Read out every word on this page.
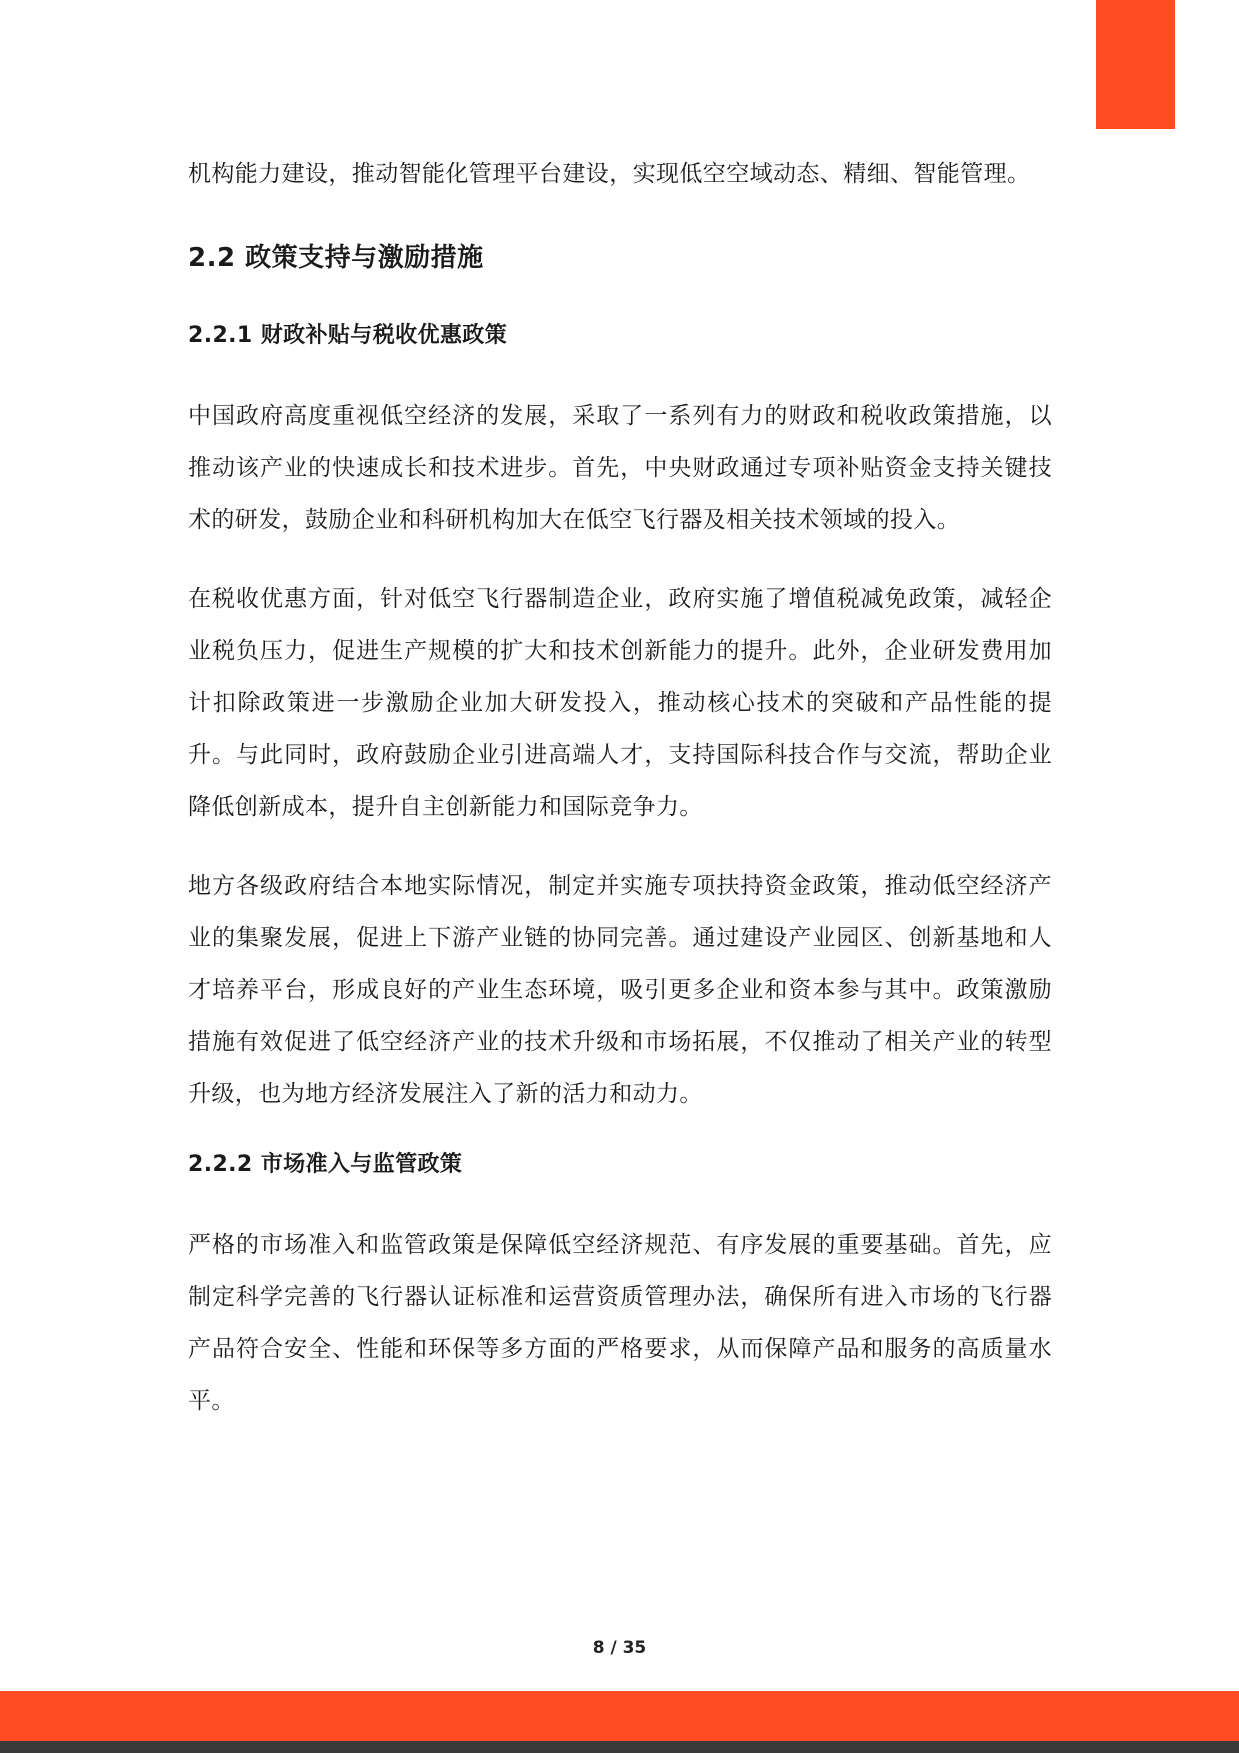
机构能力建设，推动智能化管理平台建设，实现低空空域动态、精细、智能管理。

2.2 政策支持与激励措施
2.2.1 财政补贴与税收优惠政策

中国政府高度重视低空经济的发展，采取了一系列有力的财政和税收政策措施，以推动该产业的快速成长和技术进步。首先，中央财政通过专项补贴资金支持关键技术的研发，鼓励企业和科研机构加大在低空飞行器及相关技术领域的投入。

在税收优惠方面，针对低空飞行器制造企业，政府实施了增值税减免政策，减轻企业税负压力，促进生产规模的扩大和技术创新能力的提升。此外，企业研发费用加计扣除政策进一步激励企业加大研发投入，推动核心技术的突破和产品性能的提升。与此同时，政府鼓励企业引进高端人才，支持国际科技合作与交流，帮助企业降低创新成本，提升自主创新能力和国际竞争力。

地方各级政府结合本地实际情况，制定并实施专项扶持资金政策，推动低空经济产业的集聚发展，促进上下游产业链的协同完善。通过建设产业园区、创新基地和人才培养平台，形成良好的产业生态环境，吸引更多企业和资本参与其中。政策激励措施有效促进了低空经济产业的技术升级和市场拓展，不仅推动了相关产业的转型升级，也为地方经济发展注入了新的活力和动力。

2.2.2 市场准入与监管政策

严格的市场准入和监管政策是保障低空经济规范、有序发展的重要基础。首先，应制定科学完善的飞行器认证标准和运营资质管理办法，确保所有进入市场的飞行器产品符合安全、性能和环保等多方面的严格要求，从而保障产品和服务的高质量水平。

8 / 35
